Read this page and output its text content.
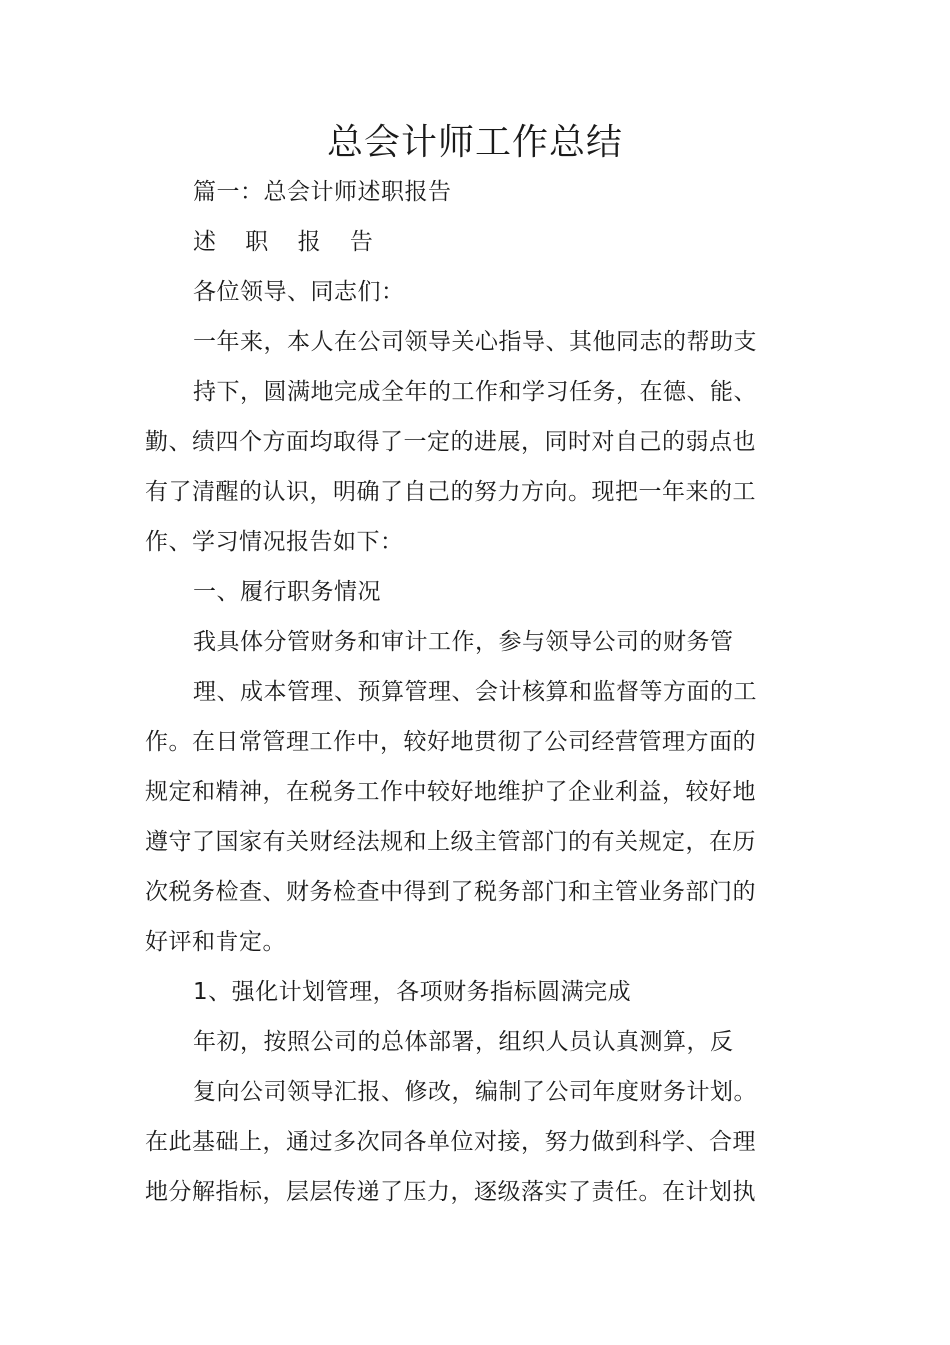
总会计师工作总结
篇一：总会计师述职报告
述 职 报 告
各位领导、同志们：
一年来，本人在公司领导关心指导、其他同志的帮助支
持下，圆满地完成全年的工作和学习任务，在德、能、
勤、绩四个方面均取得了一定的进展，同时对自己的弱点也
有了清醒的认识，明确了自己的努力方向。现把一年来的工
作、学习情况报告如下：
一、履行职务情况
我具体分管财务和审计工作，参与领导公司的财务管
理、成本管理、预算管理、会计核算和监督等方面的工
作。在日常管理工作中，较好地贯彻了公司经营管理方面的
规定和精神，在税务工作中较好地维护了企业利益，较好地
遵守了国家有关财经法规和上级主管部门的有关规定，在历
次税务检查、财务检查中得到了税务部门和主管业务部门的
好评和肯定。
1、强化计划管理，各项财务指标圆满完成
年初，按照公司的总体部署，组织人员认真测算，反
复向公司领导汇报、修改，编制了公司年度财务计划。
在此基础上，通过多次同各单位对接，努力做到科学、合理
地分解指标，层层传递了压力，逐级落实了责任。在计划执
